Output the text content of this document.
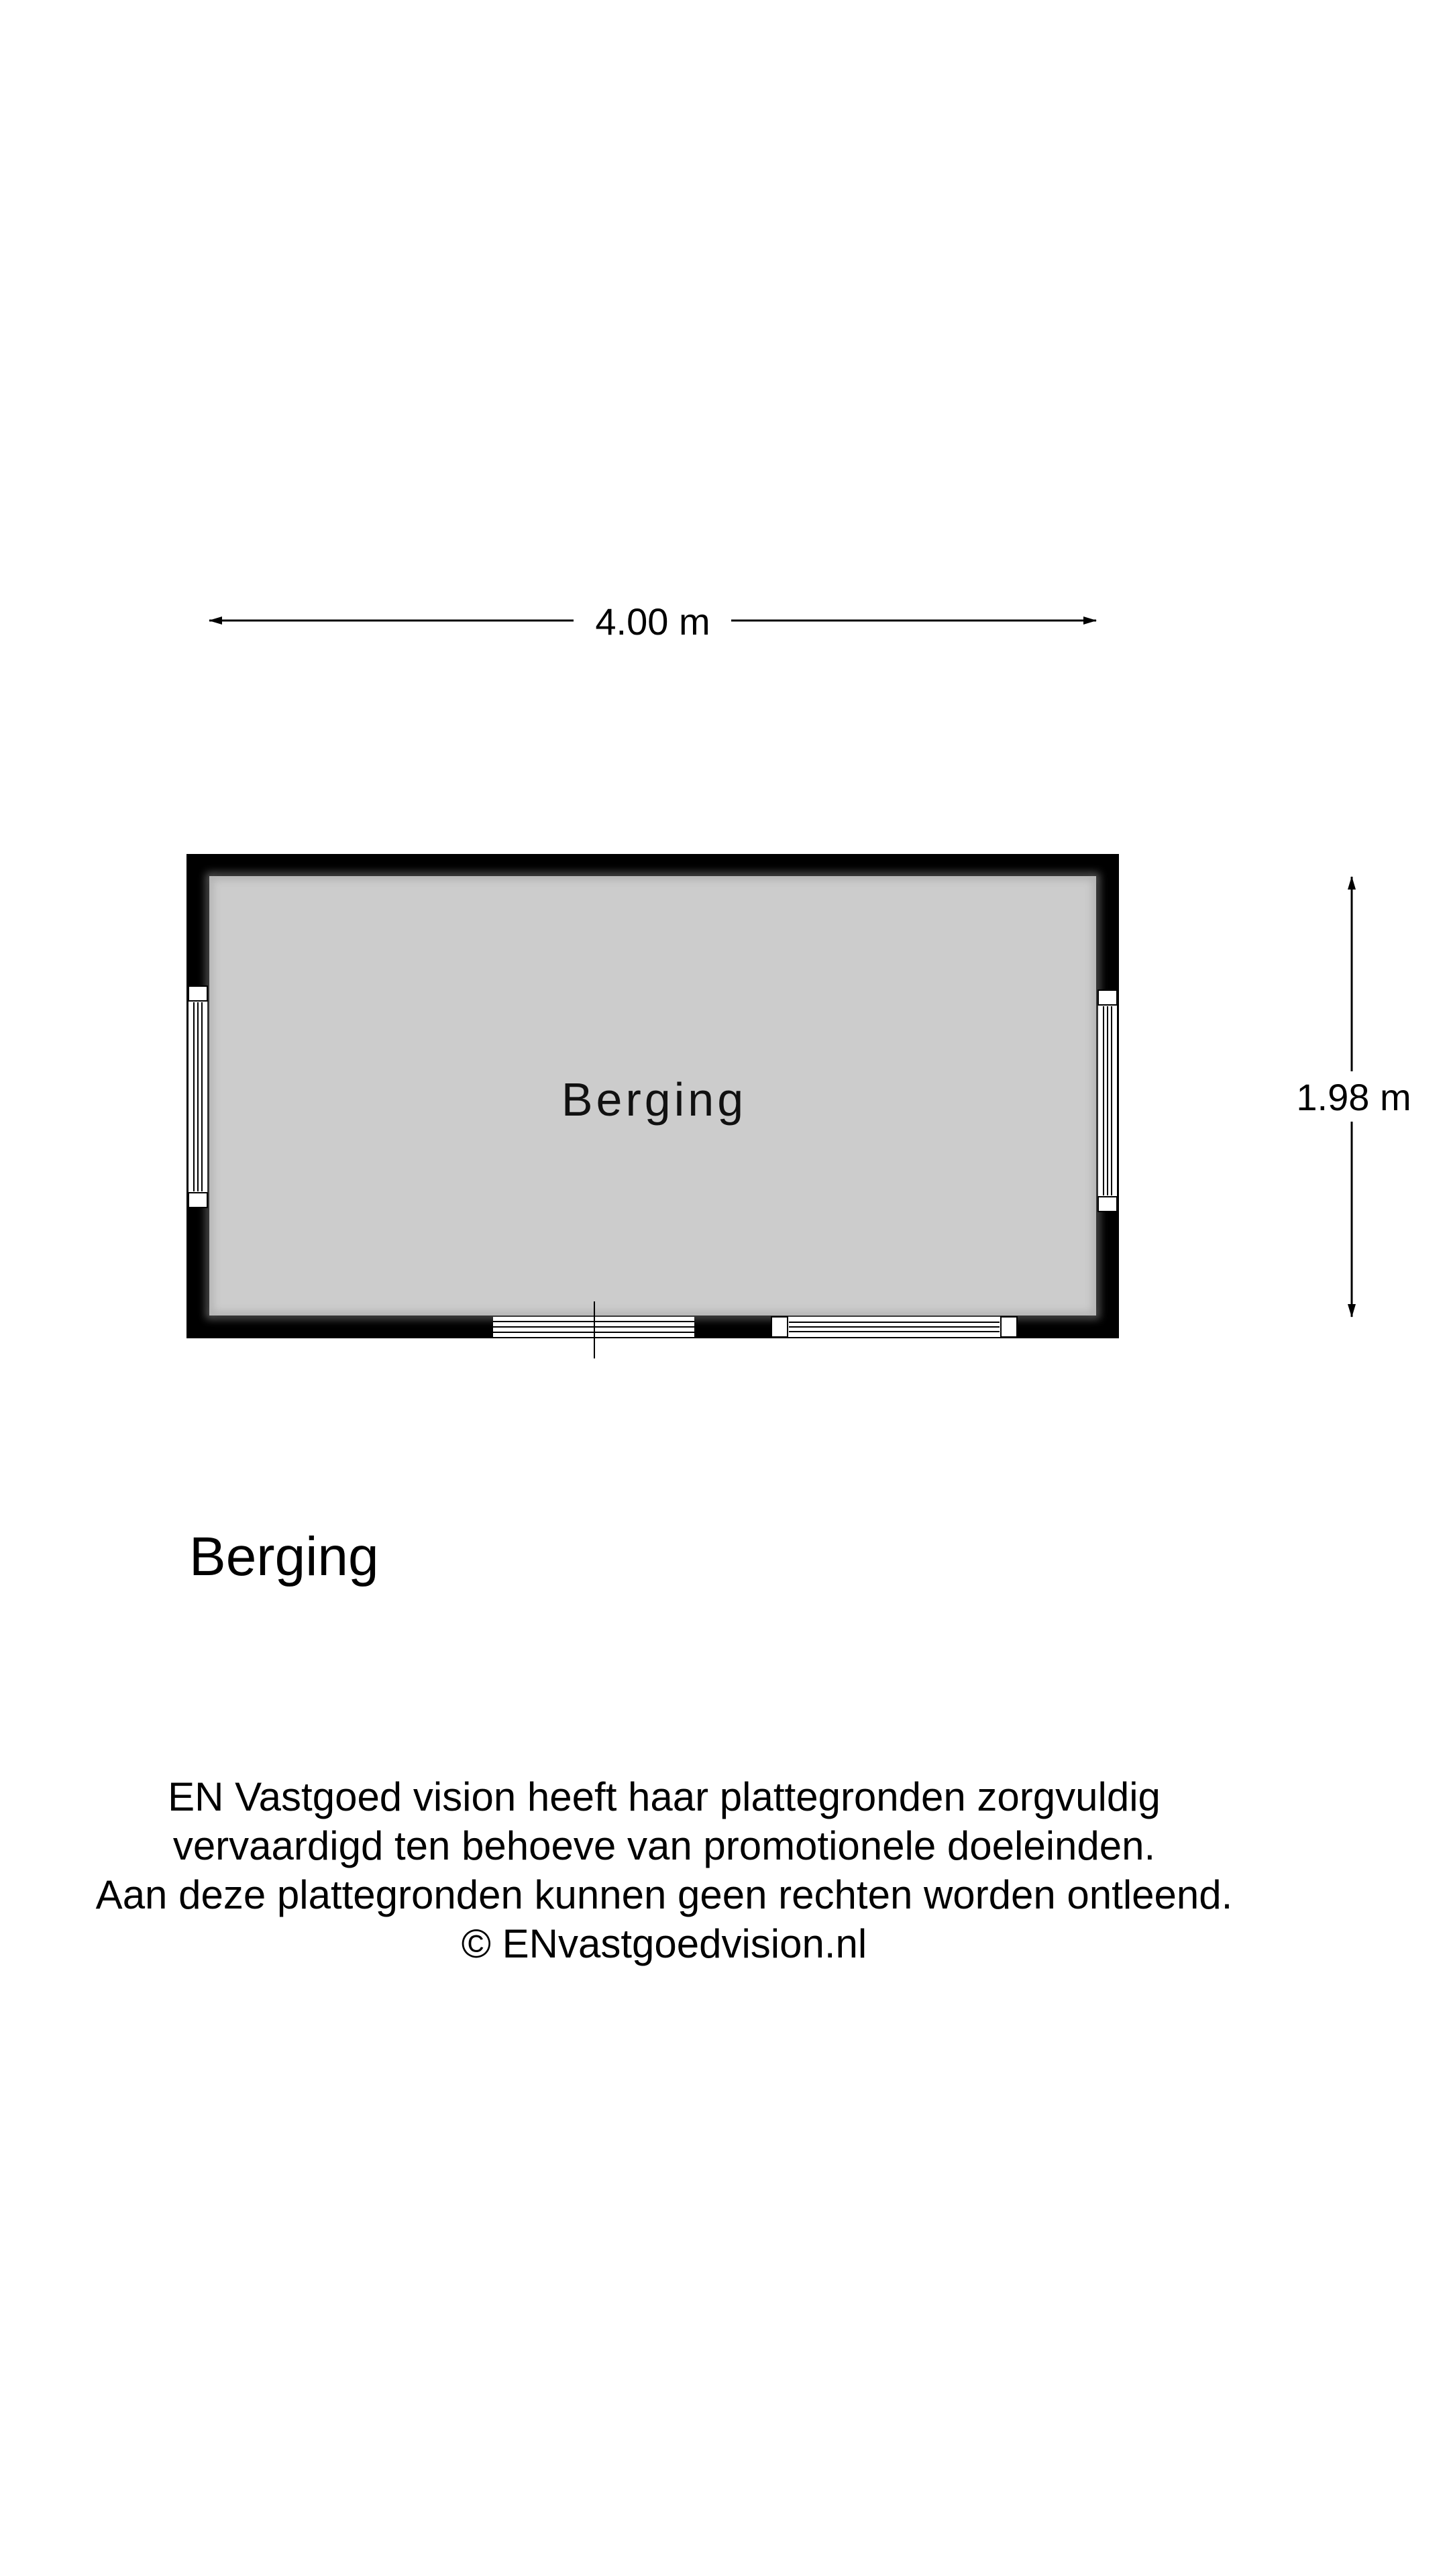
4.00 m
1.98 m
Berging
Berging
EN Vastgoed vision heeft haar plattegronden zorgvuldig
vervaardigd ten behoeve van promotionele doeleinden.
Aan deze plattegronden kunnen geen rechten worden ontleend.
© ENvastgoedvision.nl
